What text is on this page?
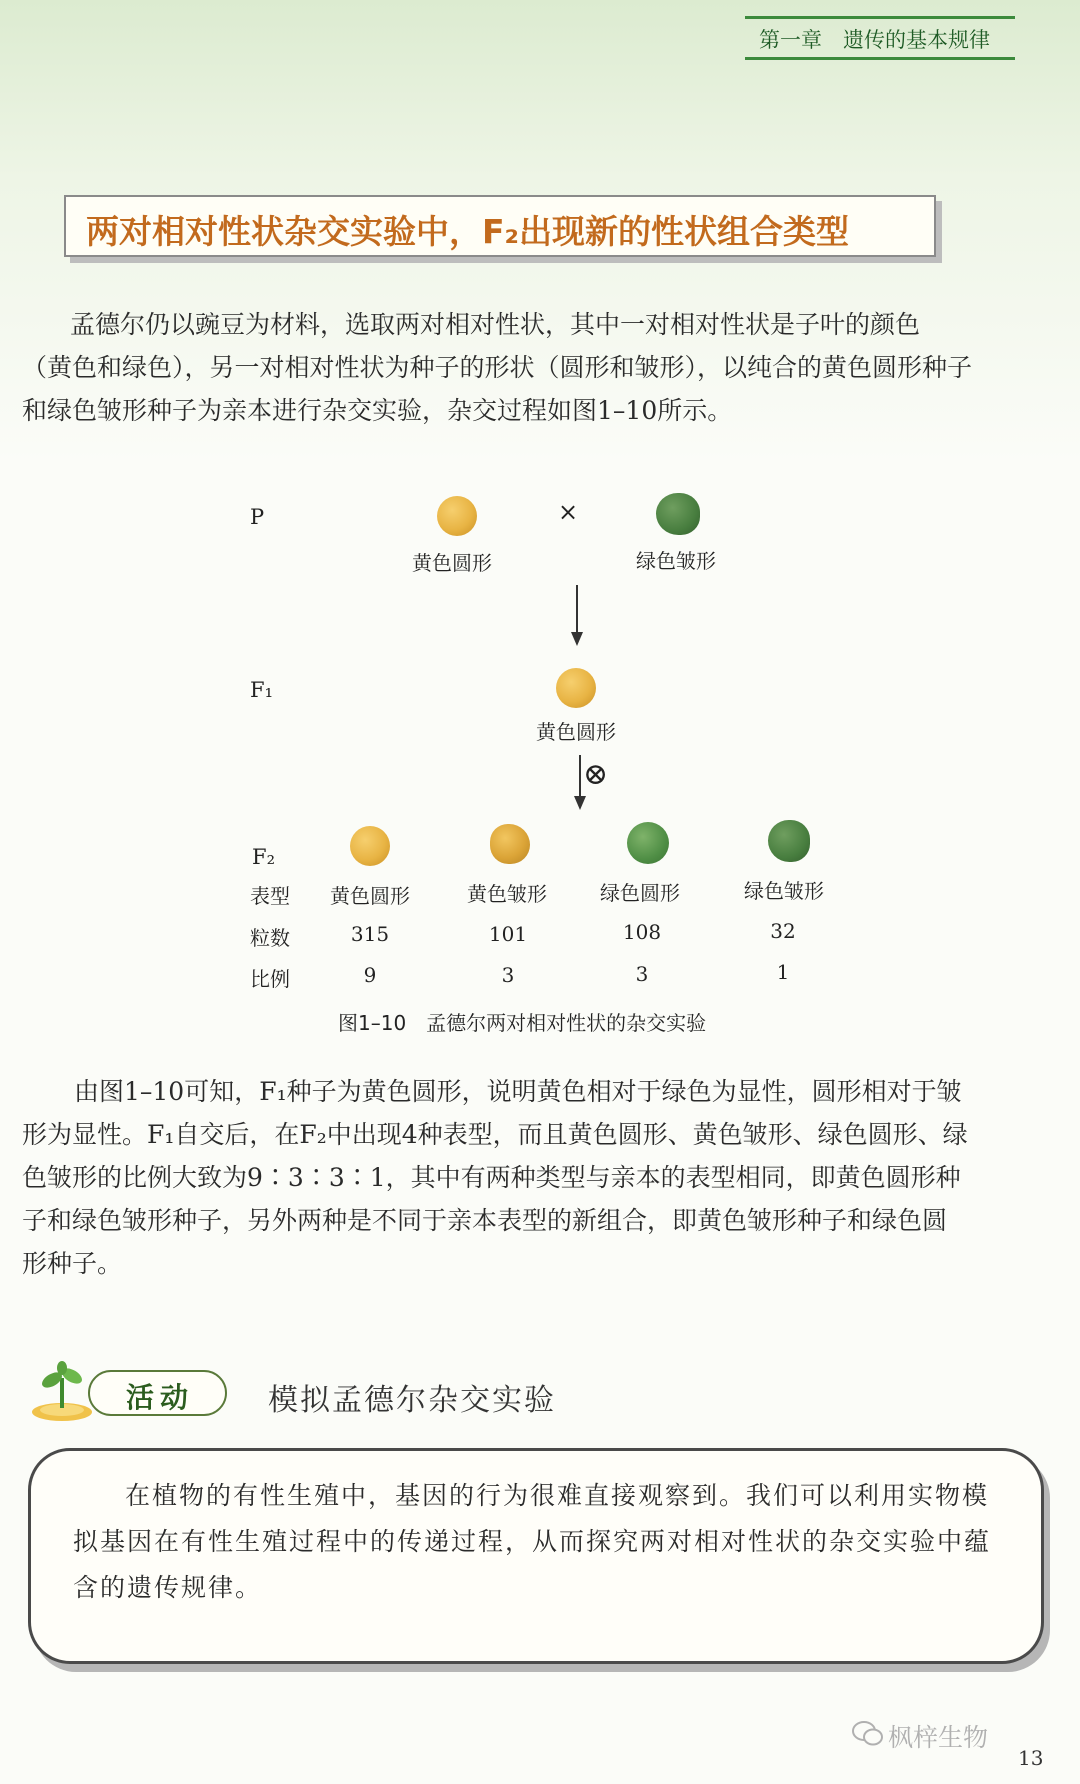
第一章　遗传的基本规律
两对相对性状杂交实验中，F₂出现新的性状组合类型

孟德尔仍以豌豆为材料，选取两对相对性状，其中一对相对性状是子叶的颜色

（黄色和绿色），另一对相对性状为种子的形状（圆形和皱形），以纯合的黄色圆形种子

和绿色皱形种子为亲本进行杂交实验，杂交过程如图1–10所示。

P	×
黄色圆形	绿色皱形
F₁
黄色圆形
⊗
F₂
表型
粒数
比例
黄色圆形
315
9
黄色皱形
101
3
绿色圆形
108
3
绿色皱形
32
1
图1–10　孟德尔两对相对性状的杂交实验

由图1–10可知，F₁种子为黄色圆形，说明黄色相对于绿色为显性，圆形相对于皱

形为显性。F₁自交后，在F₂中出现4种表型，而且黄色圆形、黄色皱形、绿色圆形、绿

色皱形的比例大致为9∶3∶3∶1，其中有两种类型与亲本的表型相同，即黄色圆形种

子和绿色皱形种子，另外两种是不同于亲本表型的新组合，即黄色皱形种子和绿色圆

形种子。

活动 模拟孟德尔杂交实验

在植物的有性生殖中，基因的行为很难直接观察到。我们可以利用实物模

拟基因在有性生殖过程中的传递过程，从而探究两对相对性状的杂交实验中蕴

含的遗传规律。

枫梓生物
13
